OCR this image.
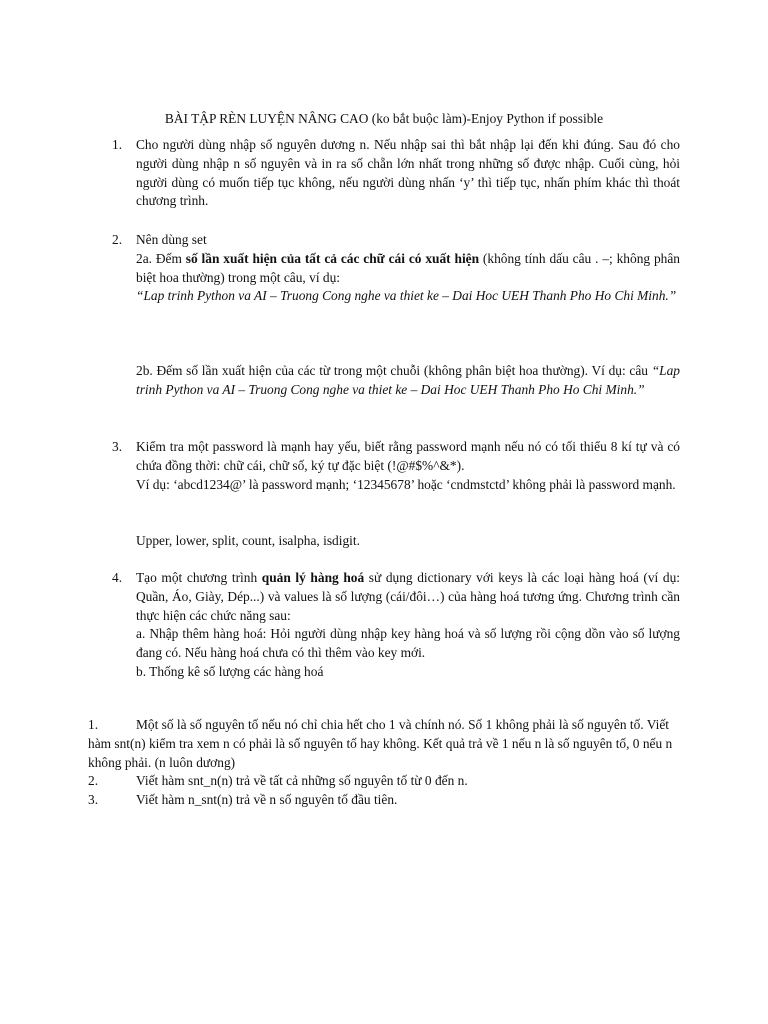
BÀI TẬP RÈN LUYỆN NÂNG CAO (ko bắt buộc làm)-Enjoy Python if possible
1. Cho người dùng nhập số nguyên dương n. Nếu nhập sai thì bắt nhập lại đến khi đúng. Sau đó cho người dùng nhập n số nguyên và in ra số chẵn lớn nhất trong những số được nhập. Cuối cùng, hỏi người dùng có muốn tiếp tục không, nếu người dùng nhấn ‘y’ thì tiếp tục, nhấn phím khác thì thoát chương trình.

2. Nên dùng set

2a. Đếm số lần xuất hiện của tất cả các chữ cái có xuất hiện (không tính dấu câu . –; không phân biệt hoa thường) trong một câu, ví dụ:

“Lap trinh Python va AI – Truong Cong nghe va thiet ke – Dai Hoc UEH Thanh Pho Ho Chi Minh.”

2b. Đếm số lần xuất hiện của các từ trong một chuỗi (không phân biệt hoa thường). Ví dụ: câu “Lap trinh Python va AI – Truong Cong nghe va thiet ke – Dai Hoc UEH Thanh Pho Ho Chi Minh.”

3. Kiểm tra một password là mạnh hay yếu, biết rằng password mạnh nếu nó có tối thiểu 8 kí tự và có chứa đồng thời: chữ cái, chữ số, ký tự đặc biệt (!@#$%^&*).

Ví dụ: ‘abcd1234@’ là password mạnh; ‘12345678’ hoặc ‘cndmstctd’ không phải là password mạnh.

Upper, lower, split, count, isalpha, isdigit.

4. Tạo một chương trình quản lý hàng hoá sử dụng dictionary với keys là các loại hàng hoá (ví dụ: Quần, Áo, Giày, Dép...) và values là số lượng (cái/đôi…) của hàng hoá tương ứng. Chương trình cần thực hiện các chức năng sau:

a. Nhập thêm hàng hoá: Hỏi người dùng nhập key hàng hoá và số lượng rồi cộng dồn vào số lượng đang có. Nếu hàng hoá chưa có thì thêm vào key mới.

b. Thống kê số lượng các hàng hoá

1.	Một số là số nguyên tố nếu nó chỉ chia hết cho 1 và chính nó. Số 1 không phải là số nguyên tố. Viết hàm snt(n) kiểm tra xem n có phải là số nguyên tố hay không. Kết quả trả về 1 nếu n là số nguyên tố, 0 nếu n không phải. (n luôn dương)

2.	Viết hàm snt_n(n) trả về tất cả những số nguyên tố từ 0 đến n.

3.	Viết hàm n_snt(n) trả về n số nguyên tố đầu tiên.
